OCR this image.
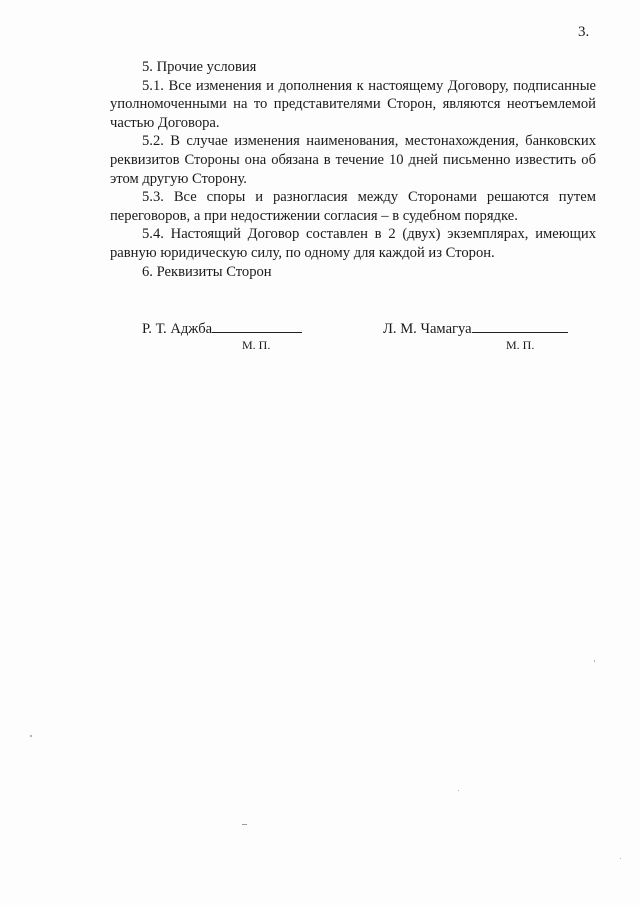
3.

5. Прочие условия

5.1. Все изменения и дополнения к настоящему Договору, подписанные уполномоченными на то представителями Сторон, являются неотъемлемой частью Договора.

5.2. В случае изменения наименования, местонахождения, банковских реквизитов Стороны она обязана в течение 10 дней письменно известить об этом другую Сторону.

5.3. Все споры и разногласия между Сторонами решаются путем переговоров, а при недостижении согласия – в судебном порядке.

5.4. Настоящий Договор составлен в 2 (двух) экземплярах, имеющих равную юридическую силу, по одному для каждой из Сторон.

6. Реквизиты Сторон

Р. Т. Аджба
М. П.
Л. М. Чамагуа
М. П.
